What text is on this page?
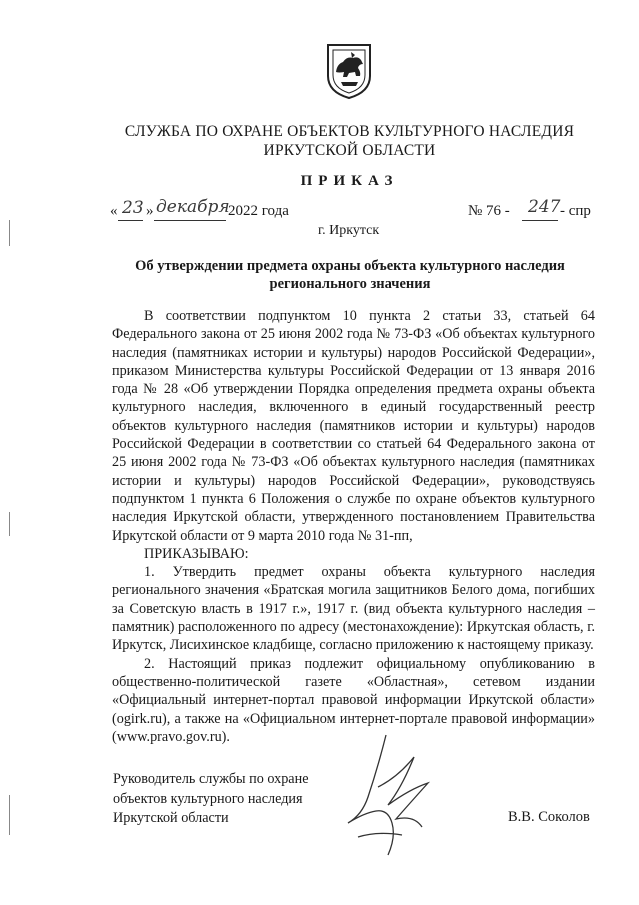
СЛУЖБА ПО ОХРАНЕ ОБЪЕКТОВ КУЛЬТУРНОГО НАСЛЕДИЯ
ИРКУТСКОЙ ОБЛАСТИ
ПРИКАЗ
« 23 » декабря
2022 года	№ 76 - 247 - спр
г. Иркутск
Об утверждении предмета охраны объекта культурного наследия
регионального значения

В соответствии подпунктом 10 пункта 2 статьи 33, статьей 64 Федерального закона от 25 июня 2002 года № 73-ФЗ «Об объектах культурного наследия (памятниках истории и культуры) народов Российской Федерации», приказом Министерства культуры Российской Федерации от 13 января 2016 года № 28 «Об утверждении Порядка определения предмета охраны объекта культурного наследия, включенного в единый государственный реестр объектов культурного наследия (памятников истории и культуры) народов Российской Федерации в соответствии со статьей 64 Федерального закона от 25 июня 2002 года № 73-ФЗ «Об объектах культурного наследия (памятниках истории и культуры) народов Российской Федерации», руководствуясь подпунктом 1 пункта 6 Положения о службе по охране объектов культурного наследия Иркутской области, утвержденного постановлением Правительства Иркутской области от 9 марта 2010 года № 31-пп,

ПРИКАЗЫВАЮ:

1. Утвердить предмет охраны объекта культурного наследия регионального значения «Братская могила защитников Белого дома, погибших за Советскую власть в 1917 г.», 1917 г. (вид объекта культурного наследия – памятник) расположенного по адресу (местонахождение): Иркутская область, г. Иркутск, Лисихинское кладбище, согласно приложению к настоящему приказу.

2. Настоящий приказ подлежит официальному опубликованию в общественно-политической газете «Областная», сетевом издании «Официальный интернет-портал правовой информации Иркутской области» (ogirk.ru), а также на «Официальном интернет-портале правовой информации» (www.pravo.gov.ru).

Руководитель службы по охране
объектов культурного наследия
Иркутской области	В.В. Соколов
